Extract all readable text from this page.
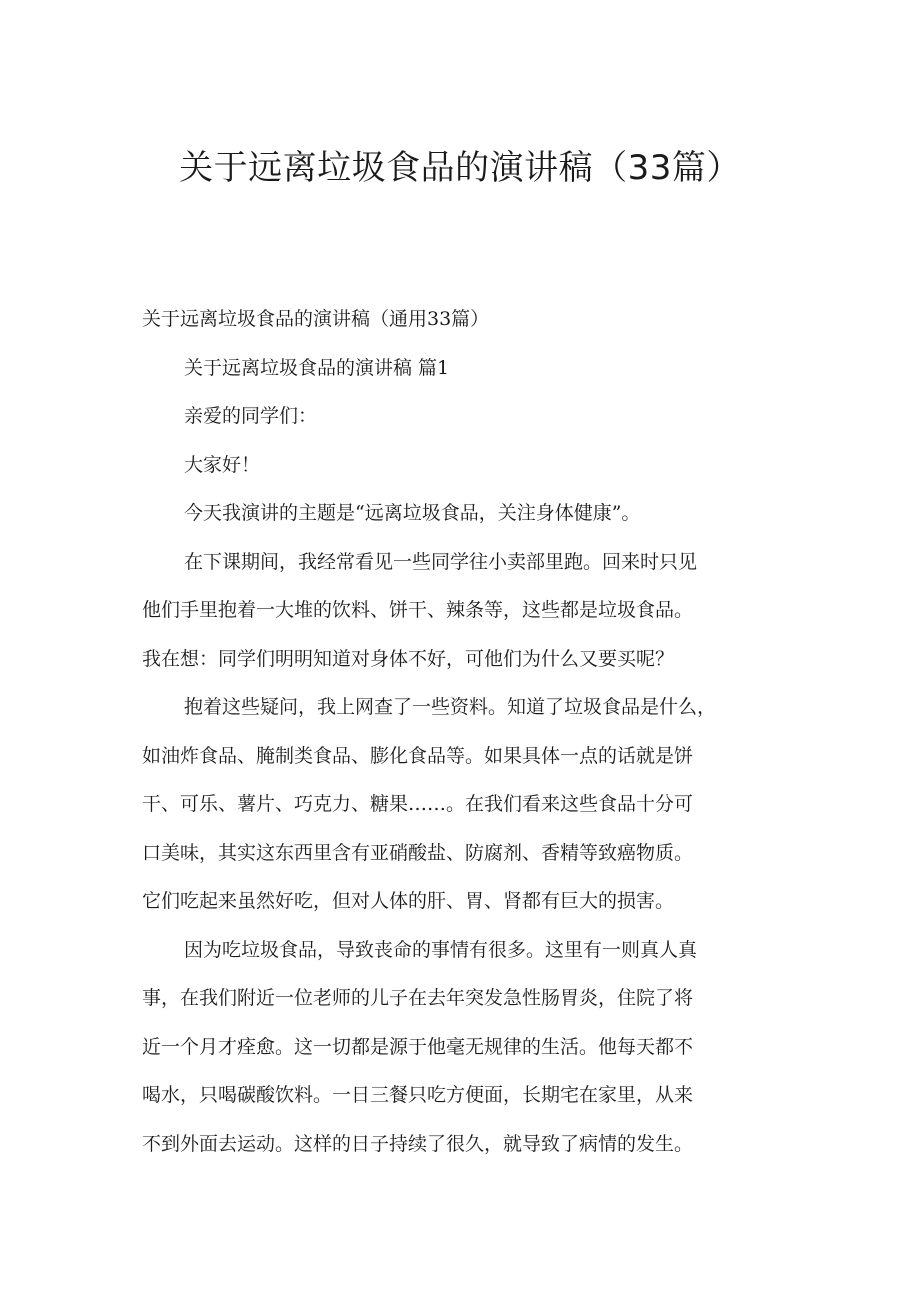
关于远离垃圾食品的演讲稿（33篇）
关于远离垃圾食品的演讲稿（通用33篇）
关于远离垃圾食品的演讲稿 篇1
亲爱的同学们：
大家好！
今天我演讲的主题是“远离垃圾食品，关注身体健康”。
在下课期间，我经常看见一些同学往小卖部里跑。回来时只见
他们手里抱着一大堆的饮料、饼干、辣条等，这些都是垃圾食品。
我在想：同学们明明知道对身体不好，可他们为什么又要买呢？
抱着这些疑问，我上网查了一些资料。知道了垃圾食品是什么，
如油炸食品、腌制类食品、膨化食品等。如果具体一点的话就是饼
干、可乐、薯片、巧克力、糖果……。在我们看来这些食品十分可
口美味，其实这东西里含有亚硝酸盐、防腐剂、香精等致癌物质。
它们吃起来虽然好吃，但对人体的肝、胃、肾都有巨大的损害。
因为吃垃圾食品，导致丧命的事情有很多。这里有一则真人真
事，在我们附近一位老师的儿子在去年突发急性肠胃炎，住院了将
近一个月才痊愈。这一切都是源于他毫无规律的生活。他每天都不
喝水，只喝碳酸饮料。一日三餐只吃方便面，长期宅在家里，从来
不到外面去运动。这样的日子持续了很久，就导致了病情的发生。
